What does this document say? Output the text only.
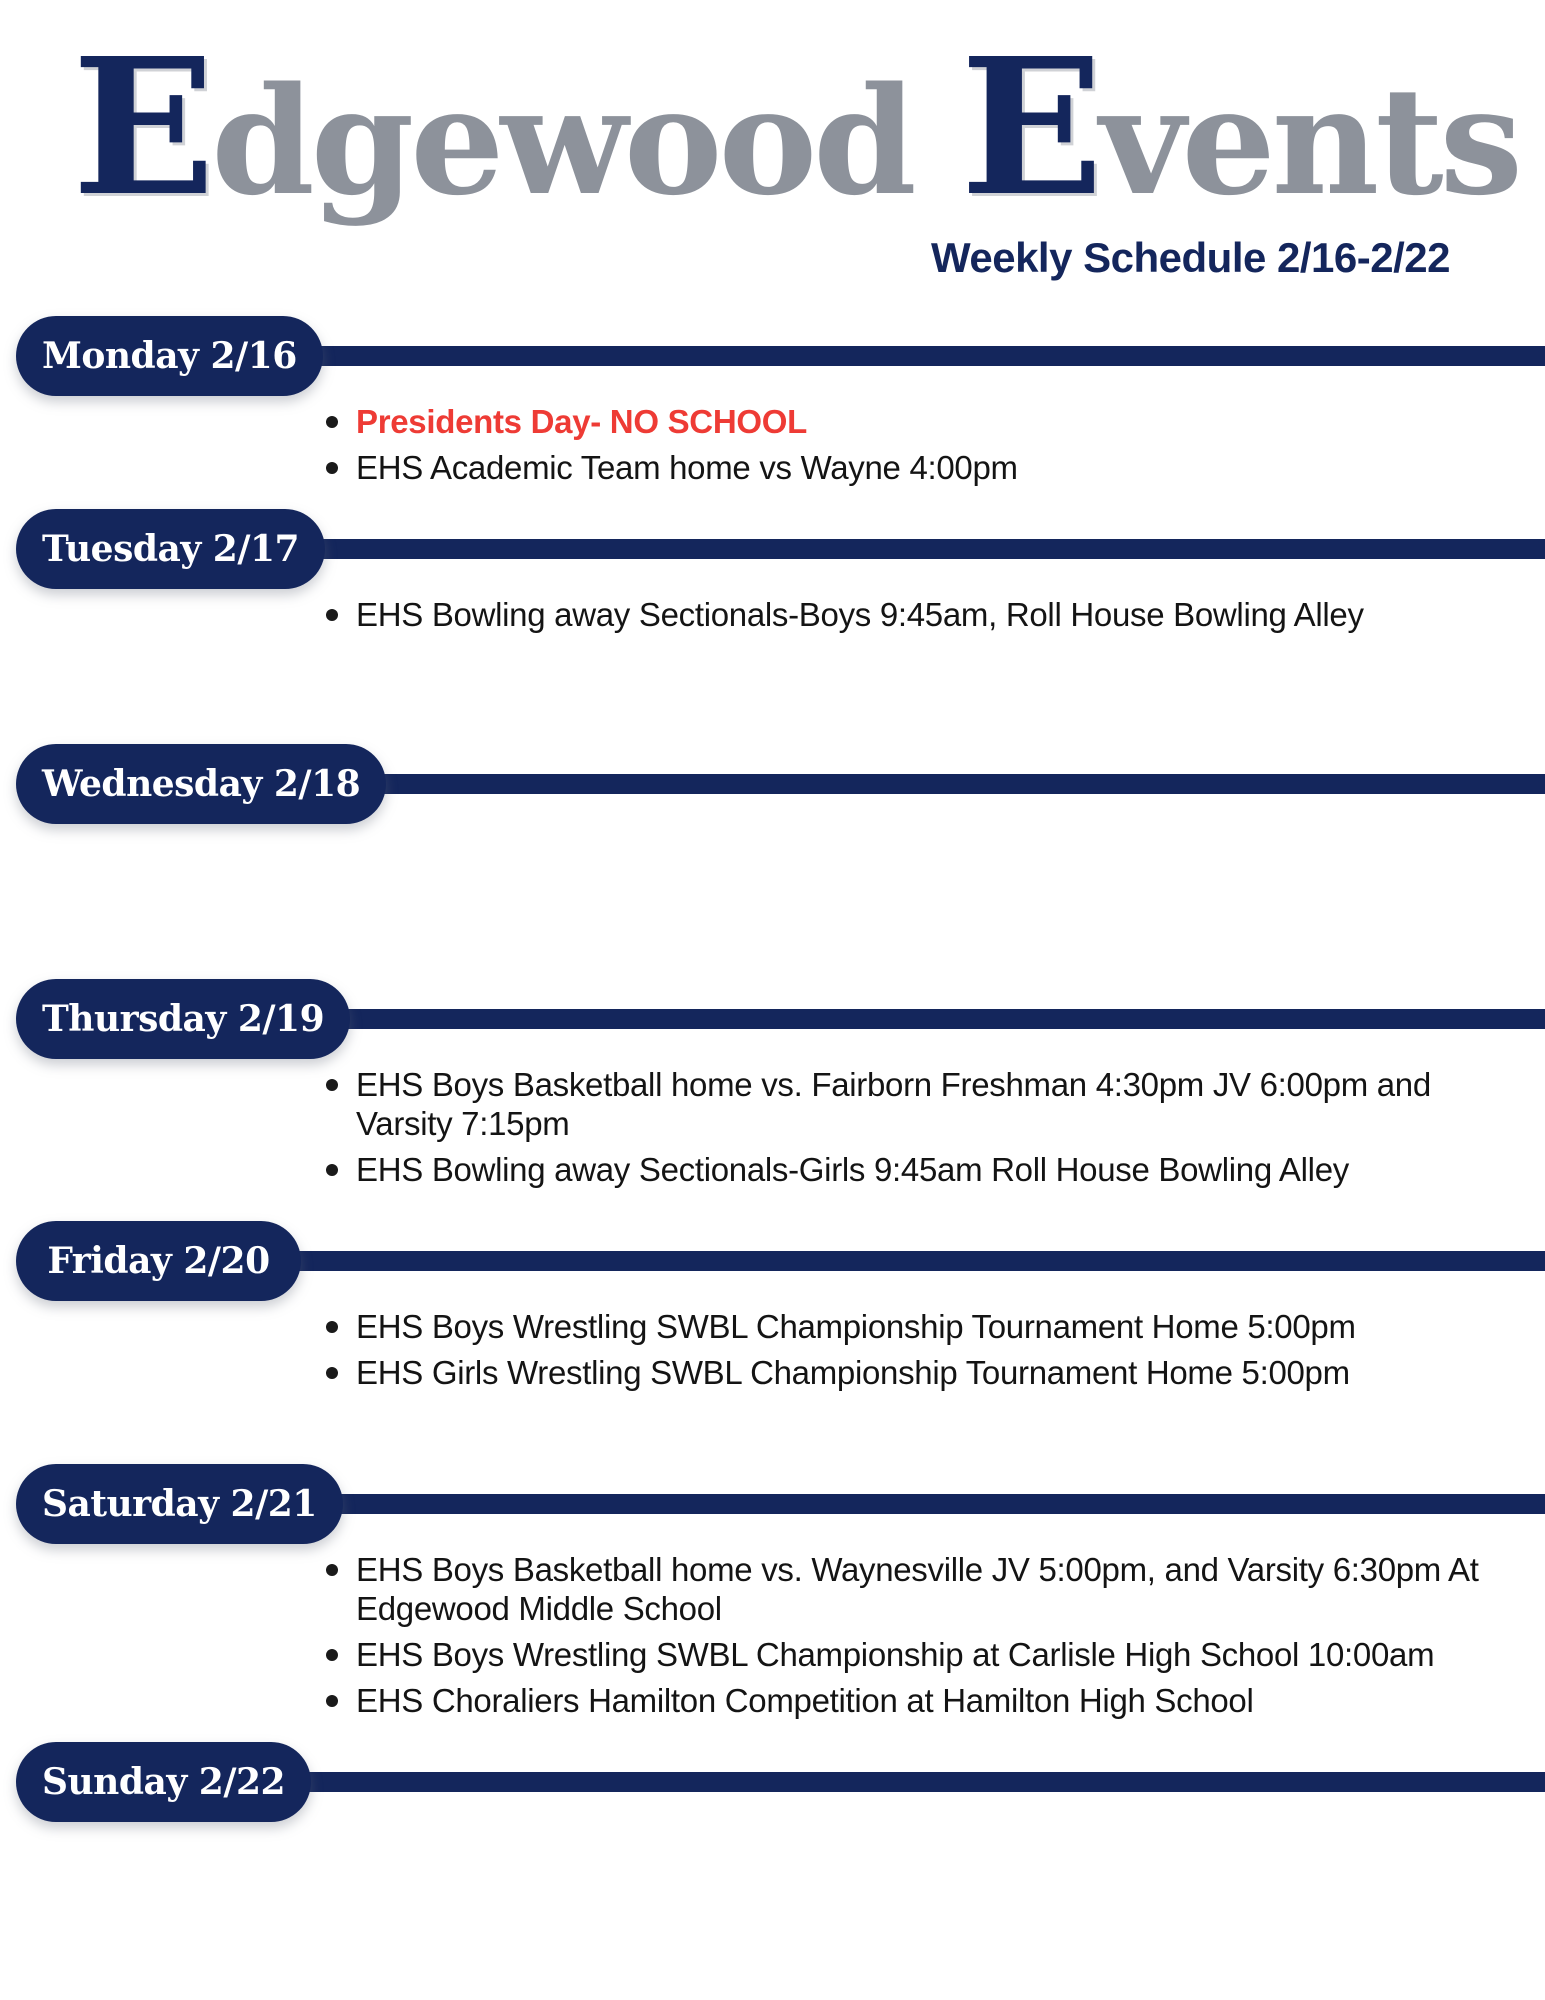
Edgewood Events
Weekly Schedule 2/16-2/22
Monday 2/16
Presidents Day- NO SCHOOL
EHS Academic Team home vs Wayne 4:00pm
Tuesday 2/17
EHS Bowling away Sectionals-Boys 9:45am, Roll House Bowling Alley
Wednesday 2/18
Thursday 2/19
EHS Boys Basketball home vs. Fairborn Freshman 4:30pm JV 6:00pm and Varsity 7:15pm
EHS Bowling away Sectionals-Girls 9:45am Roll House Bowling Alley
Friday 2/20
EHS Boys Wrestling SWBL Championship Tournament Home 5:00pm
EHS Girls Wrestling SWBL Championship Tournament Home 5:00pm
Saturday 2/21
EHS Boys Basketball home vs. Waynesville JV 5:00pm, and Varsity 6:30pm At Edgewood Middle School
EHS Boys Wrestling SWBL Championship at Carlisle High School 10:00am
EHS Choraliers Hamilton Competition at Hamilton High School
Sunday 2/22
